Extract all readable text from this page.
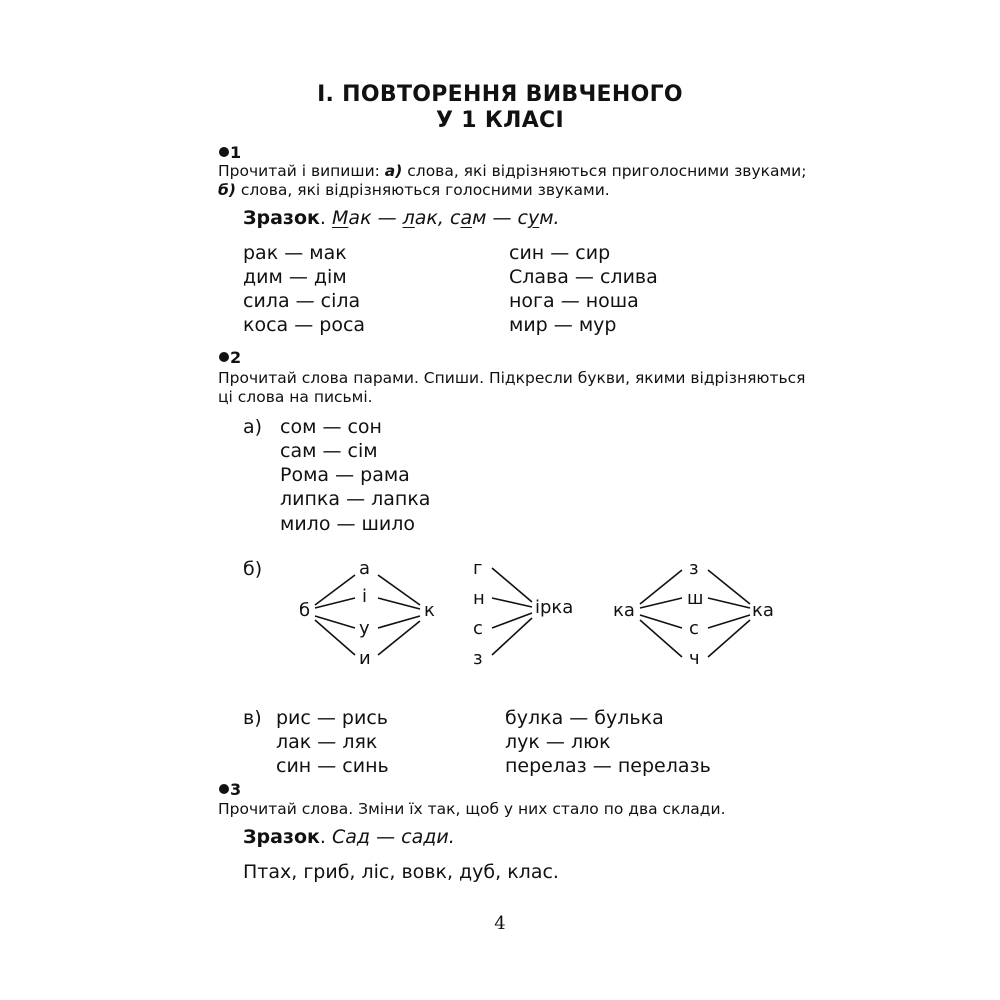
I. ПОВТОРЕННЯ ВИВЧЕНОГО
У 1 КЛАСІ
1
Прочитай і випиши: а) слова, які відрізняються приголосними звуками;
б) слова, які відрізняються голосними звуками.
Зразок. Мак — лак, сам — сум.
рак — мак
дим — дім
сила — сіла
коса — роса
син — сир
Слава — слива
нога — ноша
мир — мур
2
Прочитай слова парами. Спиши. Підкресли букви, якими відрізняються
ці слова на письмі.
а) сом — сон
сам — сім
Рома — рама
липка — лапка
мило — шило
б)
б
а
і
у
и
к
г
н
с
з
ірка ка
з
ш
с
ч
ка
в) рис — рись
лак — ляк
син — синь
булка — булька
лук — люк
перелаз — перелазь
3
Прочитай слова. Зміни їх так, щоб у них стало по два склади.
Зразок. Сад — сади.
Птах, гриб, ліс, вовк, дуб, клас.
4
